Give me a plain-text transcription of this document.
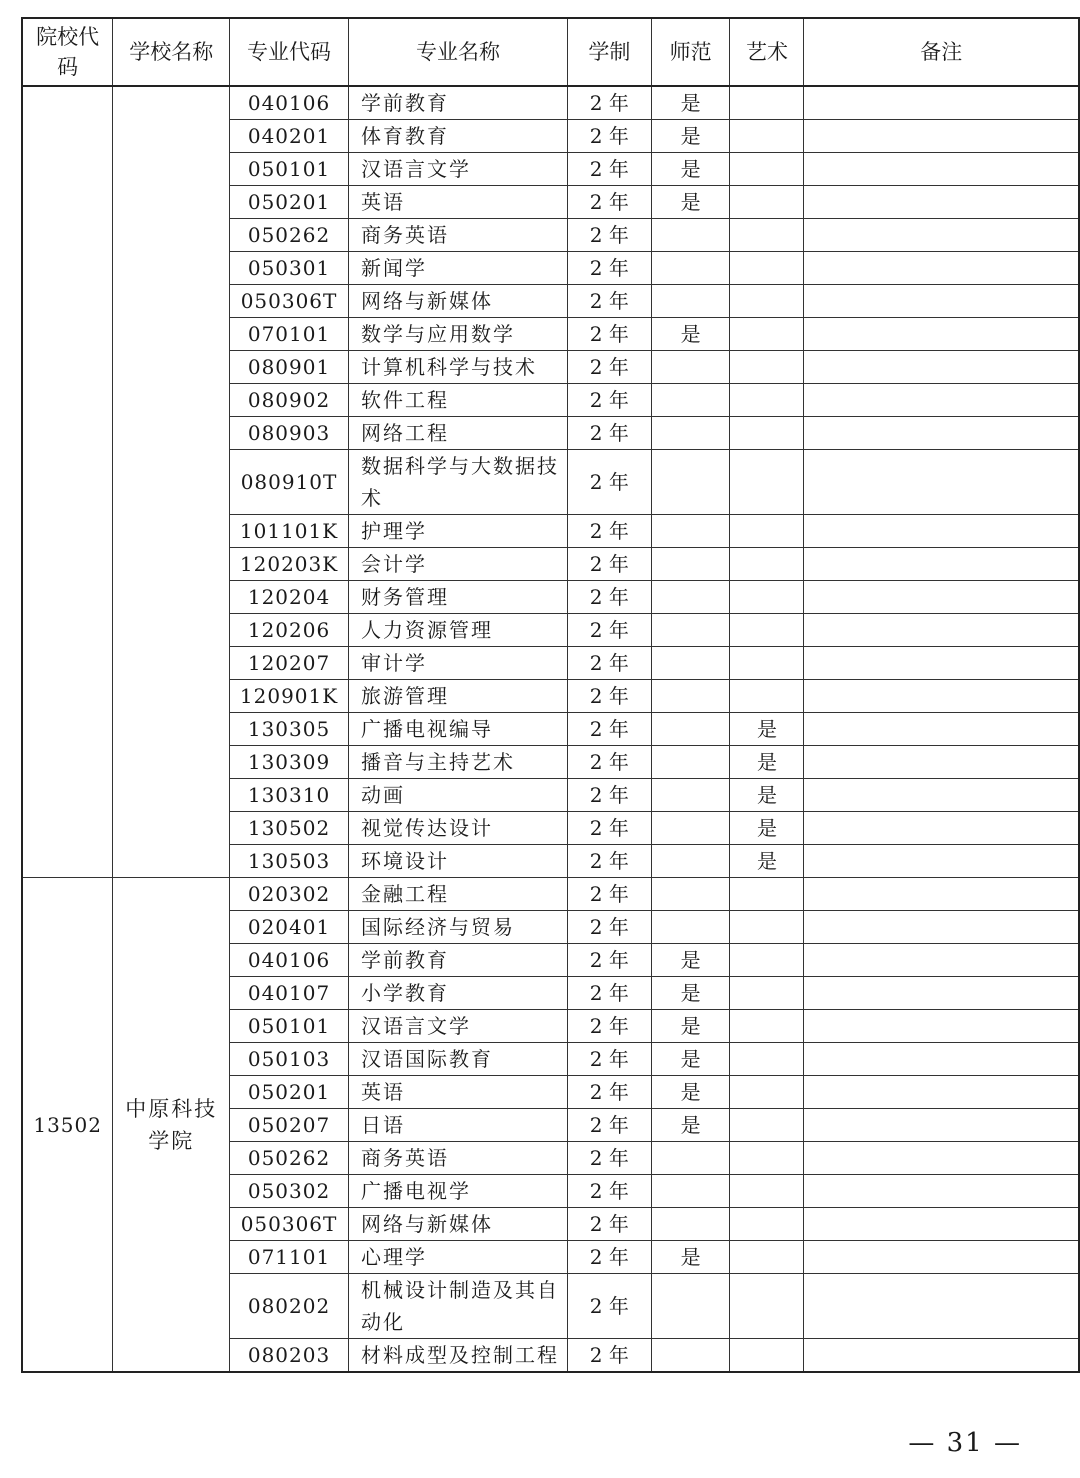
院校代码	学校名称	专业代码	专业名称	学制	师范	艺术	备注
		040106	学前教育	2 年	是		
		040201	体育教育	2 年	是		
		050101	汉语言文学	2 年	是		
		050201	英语	2 年	是		
		050262	商务英语	2 年			
		050301	新闻学	2 年			
		050306T	网络与新媒体	2 年			
		070101	数学与应用数学	2 年	是		
		080901	计算机科学与技术	2 年			
		080902	软件工程	2 年			
		080903	网络工程	2 年			
		080910T	数据科学与大数据技术	2 年			
		101101K	护理学	2 年			
		120203K	会计学	2 年			
		120204	财务管理	2 年			
		120206	人力资源管理	2 年			
		120207	审计学	2 年			
		120901K	旅游管理	2 年			
		130305	广播电视编导	2 年		是	
		130309	播音与主持艺术	2 年		是	
		130310	动画	2 年		是	
		130502	视觉传达设计	2 年		是	
		130503	环境设计	2 年		是	
13502	中原科技学院	020302	金融工程	2 年			
		020401	国际经济与贸易	2 年			
		040106	学前教育	2 年	是		
		040107	小学教育	2 年	是		
		050101	汉语言文学	2 年	是		
		050103	汉语国际教育	2 年	是		
		050201	英语	2 年	是		
		050207	日语	2 年	是		
		050262	商务英语	2 年			
		050302	广播电视学	2 年			
		050306T	网络与新媒体	2 年			
		071101	心理学	2 年	是		
		080202	机械设计制造及其自动化	2 年			
		080203	材料成型及控制工程	2 年			
— 31 —
